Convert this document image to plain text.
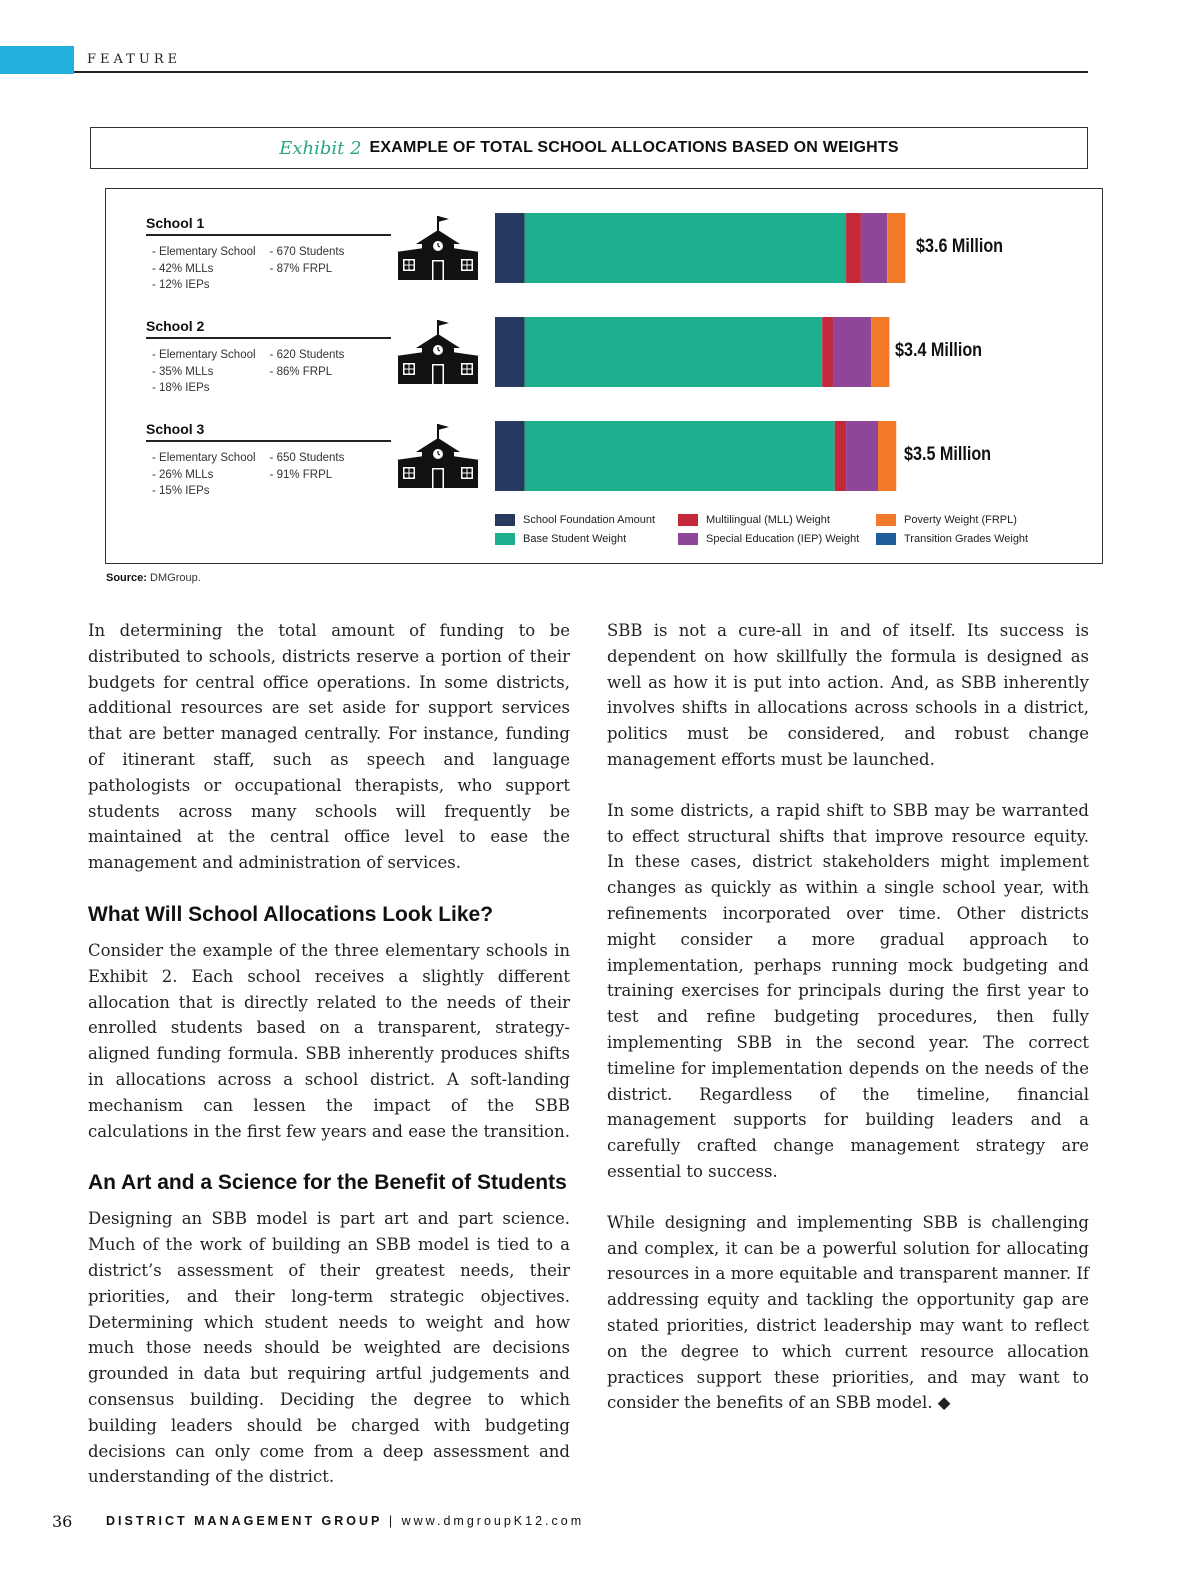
FEATURE
Exhibit 2 EXAMPLE OF TOTAL SCHOOL ALLOCATIONS BASED ON WEIGHTS
School 1
- Elementary School
- 42% MLLs
- 12% IEPs
- 670 Students
- 87% FRPL
$3.6 Million
School 2
- Elementary School
- 35% MLLs
- 18% IEPs
- 620 Students
- 86% FRPL
$3.4 Million
School 3
- Elementary School
- 26% MLLs
- 15% IEPs
- 650 Students
- 91% FRPL
$3.5 Million
School Foundation Amount
Base Student Weight
Multilingual (MLL) Weight
Special Education (IEP) Weight
Poverty Weight (FRPL)
Transition Grades Weight
Source: DMGroup.

In determining the total amount of funding to be distributed to schools, districts reserve a portion of their budgets for central office operations. In some districts, additional resources are set aside for support services that are better managed centrally. For instance, funding of itinerant staff, such as speech and language pathologists or occupational therapists, who support students across many schools will frequently be maintained at the central office level to ease the management and administration of services.

What Will School Allocations Look Like?

Consider the example of the three elementary schools in Exhibit 2. Each school receives a slightly different allocation that is directly related to the needs of their enrolled students based on a transparent, strategy-aligned funding formula. SBB inherently produces shifts in allocations across a school district. A soft-landing mechanism can lessen the impact of the SBB calculations in the first few years and ease the transition.

An Art and a Science for the Benefit of Students

Designing an SBB model is part art and part science. Much of the work of building an SBB model is tied to a district’s assessment of their greatest needs, their priorities, and their long-term strategic objectives. Determining which student needs to weight and how much those needs should be weighted are decisions grounded in data but requiring artful judgements and consensus building. Deciding the degree to which building leaders should be charged with budgeting decisions can only come from a deep assessment and understanding of the district.

SBB is not a cure-all in and of itself. Its success is dependent on how skillfully the formula is designed as well as how it is put into action. And, as SBB inherently involves shifts in allocations across schools in a district, politics must be considered, and robust change management efforts must be launched.

In some districts, a rapid shift to SBB may be warranted to effect structural shifts that improve resource equity. In these cases, district stakeholders might implement changes as quickly as within a single school year, with refinements incorporated over time. Other districts might consider a more gradual approach to implementation, perhaps running mock budgeting and training exercises for principals during the first year to test and refine budgeting procedures, then fully implementing SBB in the second year. The correct timeline for implementation depends on the needs of the district. Regardless of the timeline, financial management supports for building leaders and a carefully crafted change management strategy are essential to success.

While designing and implementing SBB is challenging and complex, it can be a powerful solution for allocating resources in a more equitable and transparent manner. If addressing equity and tackling the opportunity gap are stated priorities, district leadership may want to reflect on the degree to which current resource allocation practices support these priorities, and may want to consider the benefits of an SBB model. ◆

36	DISTRICT MANAGEMENT GROUP | www.dmgroupK12.com
